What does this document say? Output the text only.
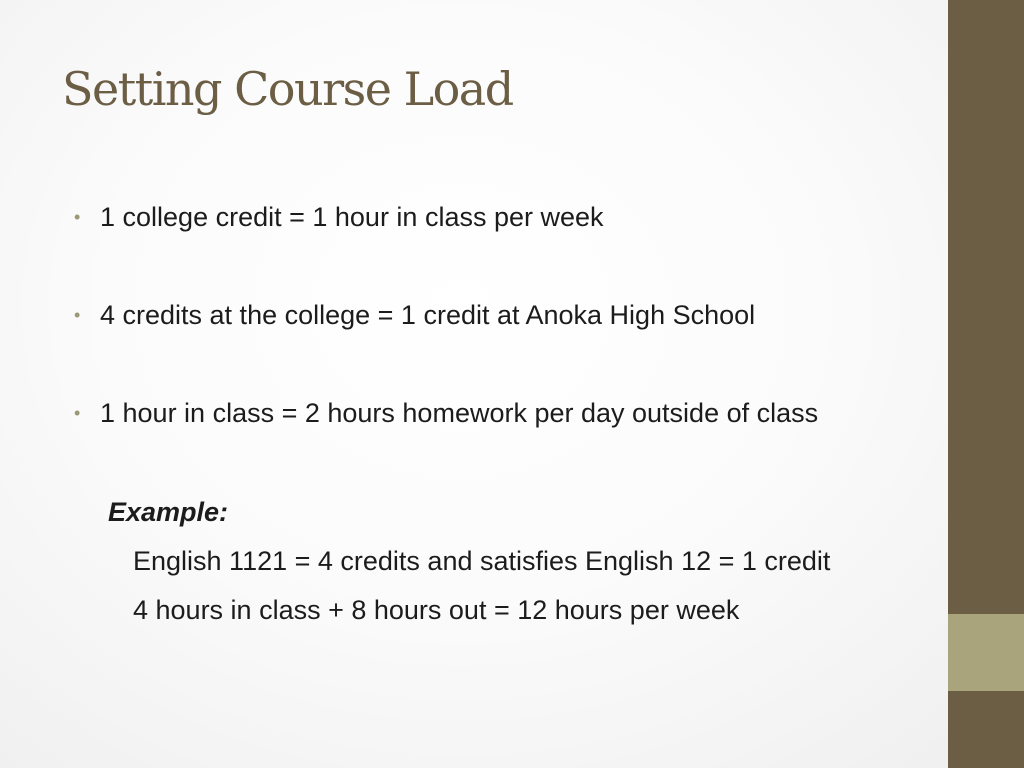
Setting Course Load
• 1 college credit = 1 hour in class per week
• 4 credits at the college = 1 credit at Anoka High School
• 1 hour in class = 2 hours homework per day outside of class
Example:
English 1121 = 4 credits and satisfies English 12 = 1 credit
4 hours in class + 8 hours out = 12 hours per week
